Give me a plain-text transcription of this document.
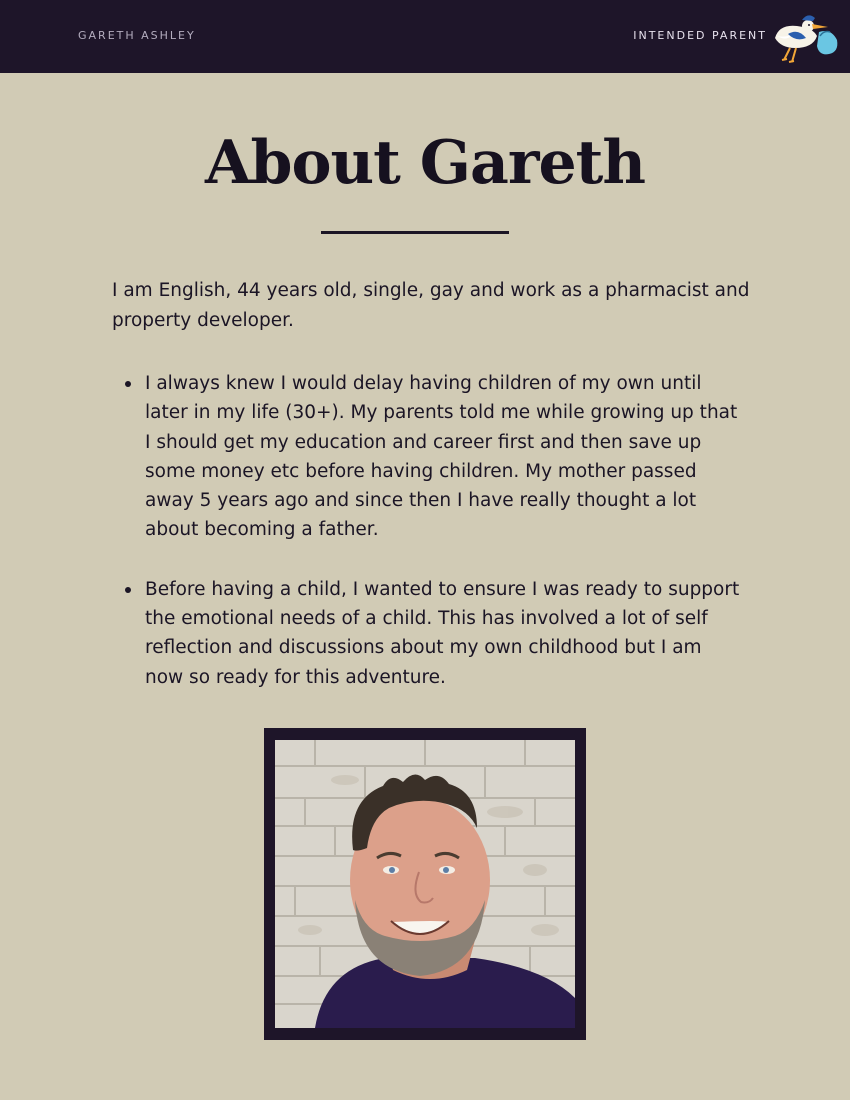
GARETH ASHLEY	INTENDED PARENT
About Gareth

I am English, 44 years old, single, gay and work as a pharmacist and property developer.

I always knew I would delay having children of my own until later in my life (30+). My parents told me while growing up that I should get my education and career first and then save up some money etc before having children. My mother passed away 5 years ago and since then I have really thought a lot about becoming a father.
Before having a child, I wanted to ensure I was ready to support the emotional needs of a child. This has involved a lot of self reflection and discussions about my own childhood but I am now so ready for this adventure.
